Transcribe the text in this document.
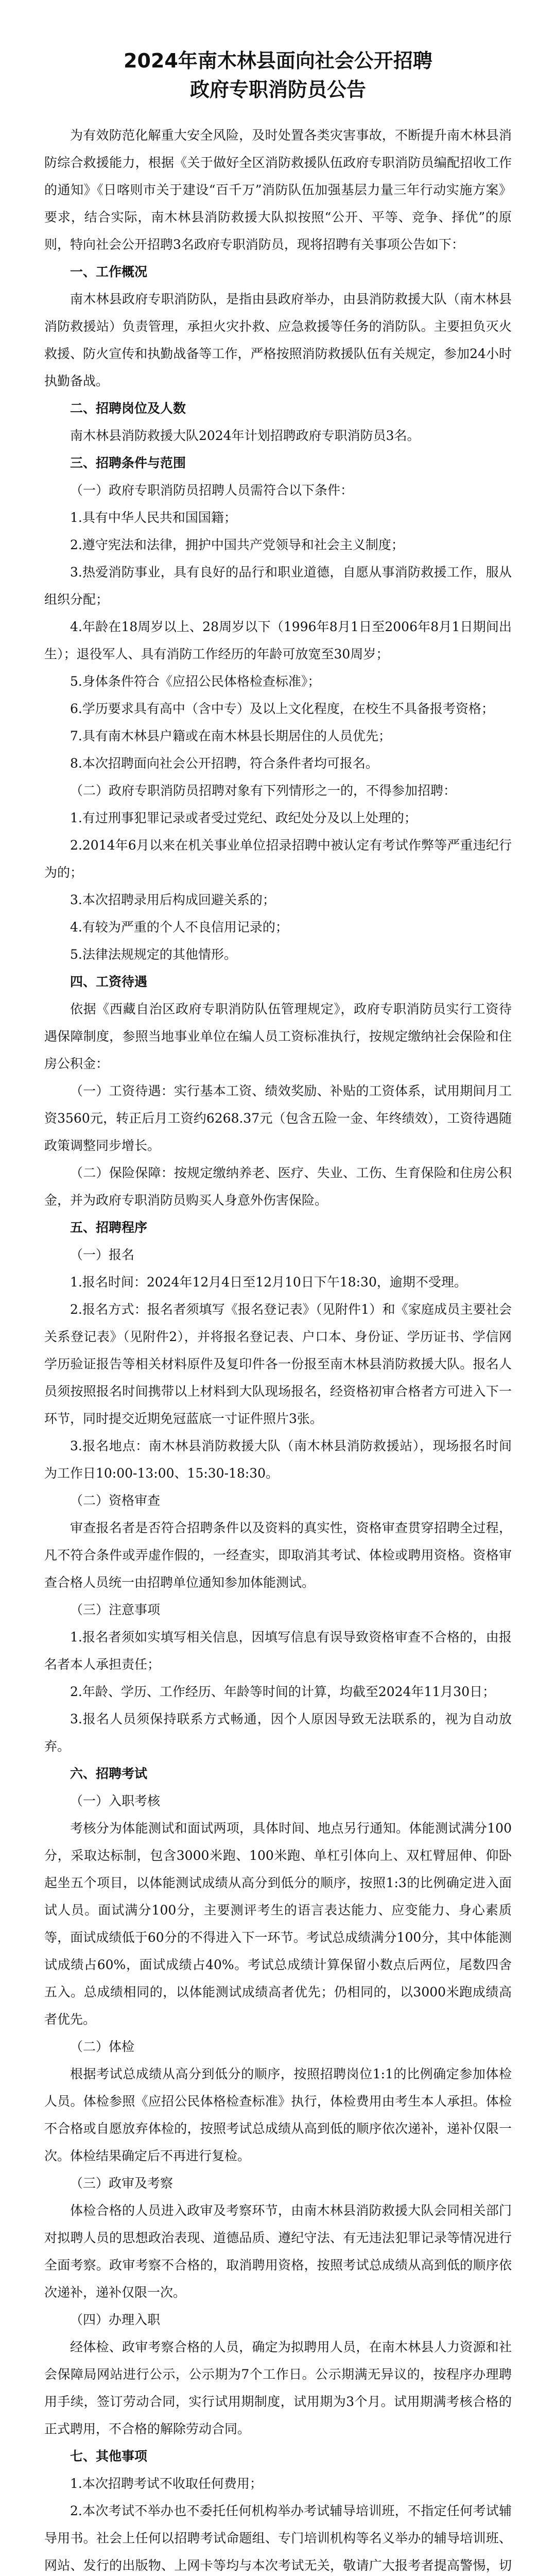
2024年南木林县面向社会公开招聘
政府专职消防员公告

为有效防范化解重大安全风险，及时处置各类灾害事故，不断提升南木林县消防综合救援能力，根据《关于做好全区消防救援队伍政府专职消防员编配招收工作的通知》《日喀则市关于建设“百千万”消防队伍加强基层力量三年行动实施方案》要求，结合实际，南木林县消防救援大队拟按照“公开、平等、竞争、择优”的原则，特向社会公开招聘3名政府专职消防员，现将招聘有关事项公告如下：

一、工作概况

南木林县政府专职消防队，是指由县政府举办，由县消防救援大队（南木林县消防救援站）负责管理，承担火灾扑救、应急救援等任务的消防队。主要担负灭火救援、防火宣传和执勤战备等工作，严格按照消防救援队伍有关规定，参加24小时执勤备战。

二、招聘岗位及人数

南木林县消防救援大队2024年计划招聘政府专职消防员3名。

三、招聘条件与范围

（一）政府专职消防员招聘人员需符合以下条件：

1.具有中华人民共和国国籍；

2.遵守宪法和法律，拥护中国共产党领导和社会主义制度；

3.热爱消防事业，具有良好的品行和职业道德，自愿从事消防救援工作，服从组织分配；

4.年龄在18周岁以上、28周岁以下（1996年8月1日至2006年8月1日期间出生）；退役军人、具有消防工作经历的年龄可放宽至30周岁；

5.身体条件符合《应招公民体格检查标准》；

6.学历要求具有高中（含中专）及以上文化程度，在校生不具备报考资格；

7.具有南木林县户籍或在南木林县长期居住的人员优先；

8.本次招聘面向社会公开招聘，符合条件者均可报名。

（二）政府专职消防员招聘对象有下列情形之一的，不得参加招聘：

1.有过刑事犯罪记录或者受过党纪、政纪处分及以上处理的；

2.2014年6月以来在机关事业单位招录招聘中被认定有考试作弊等严重违纪行为的；

3.本次招聘录用后构成回避关系的；

4.有较为严重的个人不良信用记录的；

5.法律法规规定的其他情形。

四、工资待遇

依据《西藏自治区政府专职消防队伍管理规定》，政府专职消防员实行工资待遇保障制度，参照当地事业单位在编人员工资标准执行，按规定缴纳社会保险和住房公积金：

（一）工资待遇：实行基本工资、绩效奖励、补贴的工资体系，试用期间月工资3560元，转正后月工资约6268.37元（包含五险一金、年终绩效），工资待遇随政策调整同步增长。

（二）保险保障：按规定缴纳养老、医疗、失业、工伤、生育保险和住房公积金，并为政府专职消防员购买人身意外伤害保险。

五、招聘程序

（一）报名

1.报名时间：2024年12月4日至12月10日下午18:30，逾期不受理。

2.报名方式：报名者须填写《报名登记表》（见附件1）和《家庭成员主要社会关系登记表》（见附件2），并将报名登记表、户口本、身份证、学历证书、学信网学历验证报告等相关材料原件及复印件各一份报至南木林县消防救援大队。报名人员须按照报名时间携带以上材料到大队现场报名，经资格初审合格者方可进入下一环节，同时提交近期免冠蓝底一寸证件照片3张。

3.报名地点：南木林县消防救援大队（南木林县消防救援站），现场报名时间为工作日10:00-13:00、15:30-18:30。

（二）资格审查

审查报名者是否符合招聘条件以及资料的真实性，资格审查贯穿招聘全过程，凡不符合条件或弄虚作假的，一经查实，即取消其考试、体检或聘用资格。资格审查合格人员统一由招聘单位通知参加体能测试。

（三）注意事项

1.报名者须如实填写相关信息，因填写信息有误导致资格审查不合格的，由报名者本人承担责任；

2.年龄、学历、工作经历、年龄等时间的计算，均截至2024年11月30日；

3.报名人员须保持联系方式畅通，因个人原因导致无法联系的，视为自动放弃。

六、招聘考试

（一）入职考核

考核分为体能测试和面试两项，具体时间、地点另行通知。体能测试满分100分，采取达标制，包含3000米跑、100米跑、单杠引体向上、双杠臂屈伸、仰卧起坐五个项目，以体能测试成绩从高分到低分的顺序，按照1:3的比例确定进入面试人员。面试满分100分，主要测评考生的语言表达能力、应变能力、身心素质等，面试成绩低于60分的不得进入下一环节。考试总成绩满分100分，其中体能测试成绩占60%，面试成绩占40%。考试总成绩计算保留小数点后两位，尾数四舍五入。总成绩相同的，以体能测试成绩高者优先；仍相同的，以3000米跑成绩高者优先。

（二）体检

根据考试总成绩从高分到低分的顺序，按照招聘岗位1:1的比例确定参加体检人员。体检参照《应招公民体格检查标准》执行，体检费用由考生本人承担。体检不合格或自愿放弃体检的，按照考试总成绩从高到低的顺序依次递补，递补仅限一次。体检结果确定后不再进行复检。

（三）政审及考察

体检合格的人员进入政审及考察环节，由南木林县消防救援大队会同相关部门对拟聘人员的思想政治表现、道德品质、遵纪守法、有无违法犯罪记录等情况进行全面考察。政审考察不合格的，取消聘用资格，按照考试总成绩从高到低的顺序依次递补，递补仅限一次。

（四）办理入职

经体检、政审考察合格的人员，确定为拟聘用人员，在南木林县人力资源和社会保障局网站进行公示，公示期为7个工作日。公示期满无异议的，按程序办理聘用手续，签订劳动合同，实行试用期制度，试用期为3个月。试用期满考核合格的正式聘用，不合格的解除劳动合同。

七、其他事项

1.本次招聘考试不收取任何费用；

2.本次考试不举办也不委托任何机构举办考试辅导培训班，不指定任何考试辅导用书。社会上任何以招聘考试命题组、专门培训机构等名义举办的辅导培训班、网站、发行的出版物、上网卡等均与本次考试无关，敬请广大报考者提高警惕，切
